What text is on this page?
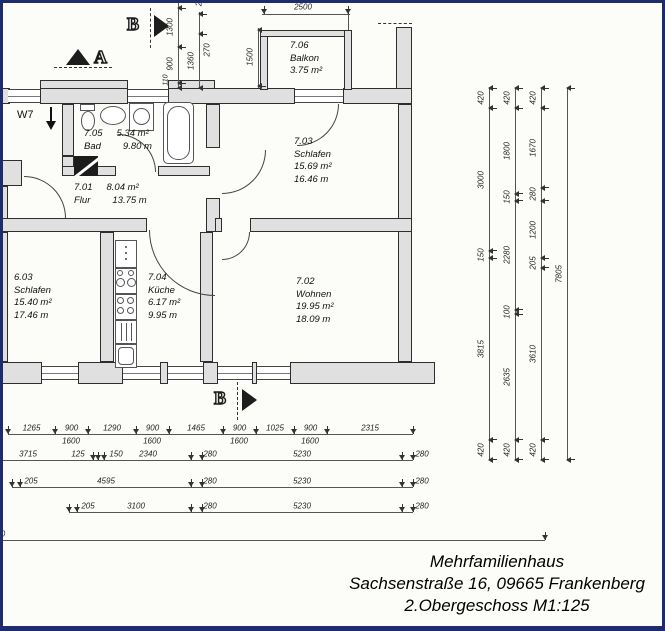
A
B
B
W7
7.06
Balkon
3.75 m²
7.05 5.34 m²
Bad 9.80 m
7.01 8.04 m²
Flur 13.75 m
7.03
Schlafen
15.69 m²
16.46 m
6.03
Schlafen
15.40 m²
17.46 m
7.04
Küche
6.17 m²
9.95 m
7.02
Wohnen
19.95 m²
18.09 m
420
3000
150
3815
420
420
1800
150
2280
100
2635
420
420
1670
280
1200
205
3610
420
7805
1265	900	1290	900	1465	900 1025 900	2315
1600	1600	1600	1600
3715	125	150 2340	280	5230	280
205	4595	280	5230	280
205	3100	280	5230	280
0
1300
900
110
1360
270
2
1500
2500
Mehrfamilienhaus
Sachsenstraße 16, 09665 Frankenberg
2.Obergeschoss M1:125
